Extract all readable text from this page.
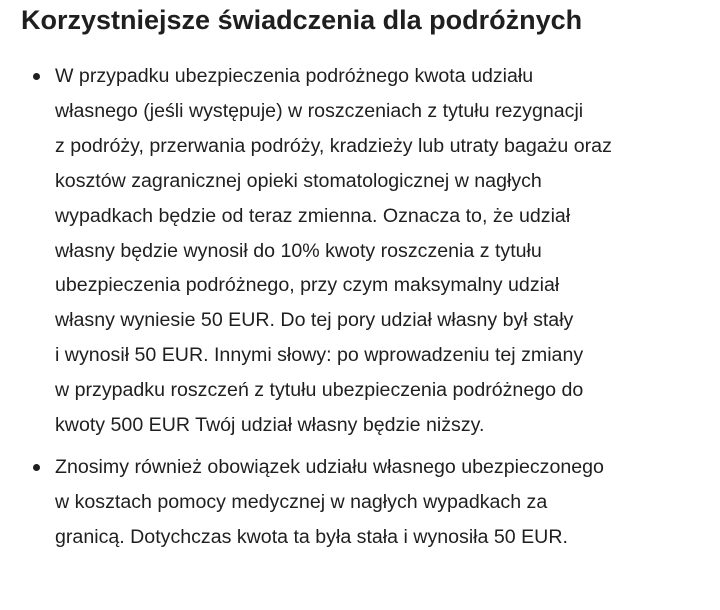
Korzystniejsze świadczenia dla podróżnych
W przypadku ubezpieczenia podróżnego kwota udziału
własnego (jeśli występuje) w roszczeniach z tytułu rezygnacji
z podróży, przerwania podróży, kradzieży lub utraty bagażu oraz
kosztów zagranicznej opieki stomatologicznej w nagłych
wypadkach będzie od teraz zmienna. Oznacza to, że udział
własny będzie wynosił do 10% kwoty roszczenia z tytułu
ubezpieczenia podróżnego, przy czym maksymalny udział
własny wyniesie 50 EUR. Do tej pory udział własny był stały
i wynosił 50 EUR. Innymi słowy: po wprowadzeniu tej zmiany
w przypadku roszczeń z tytułu ubezpieczenia podróżnego do
kwoty 500 EUR Twój udział własny będzie niższy.
Znosimy również obowiązek udziału własnego ubezpieczonego
w kosztach pomocy medycznej w nagłych wypadkach za
granicą. Dotychczas kwota ta była stała i wynosiła 50 EUR.
